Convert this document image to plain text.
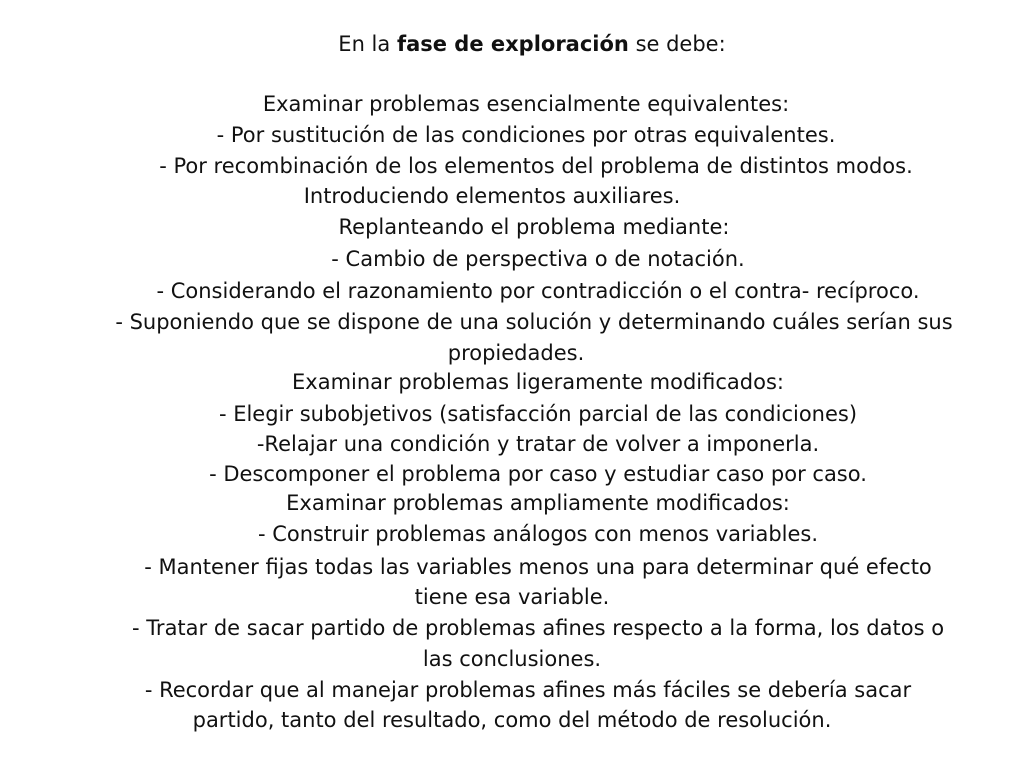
En la fase de exploración se debe:
Examinar problemas esencialmente equivalentes:
- Por sustitución de las condiciones por otras equivalentes.
- Por recombinación de los elementos del problema de distintos modos.
Introduciendo elementos auxiliares.
Replanteando el problema mediante:
- Cambio de perspectiva o de notación.
- Considerando el razonamiento por contradicción o el contra- recíproco.
- Suponiendo que se dispone de una solución y determinando cuáles serían sus
propiedades.
Examinar problemas ligeramente modificados:
- Elegir subobjetivos (satisfacción parcial de las condiciones)
-Relajar una condición y tratar de volver a imponerla.
- Descomponer el problema por caso y estudiar caso por caso.
Examinar problemas ampliamente modificados:
- Construir problemas análogos con menos variables.
- Mantener fijas todas las variables menos una para determinar qué efecto
tiene esa variable.
- Tratar de sacar partido de problemas afines respecto a la forma, los datos o
las conclusiones.
- Recordar que al manejar problemas afines más fáciles se debería sacar
partido, tanto del resultado, como del método de resolución.
